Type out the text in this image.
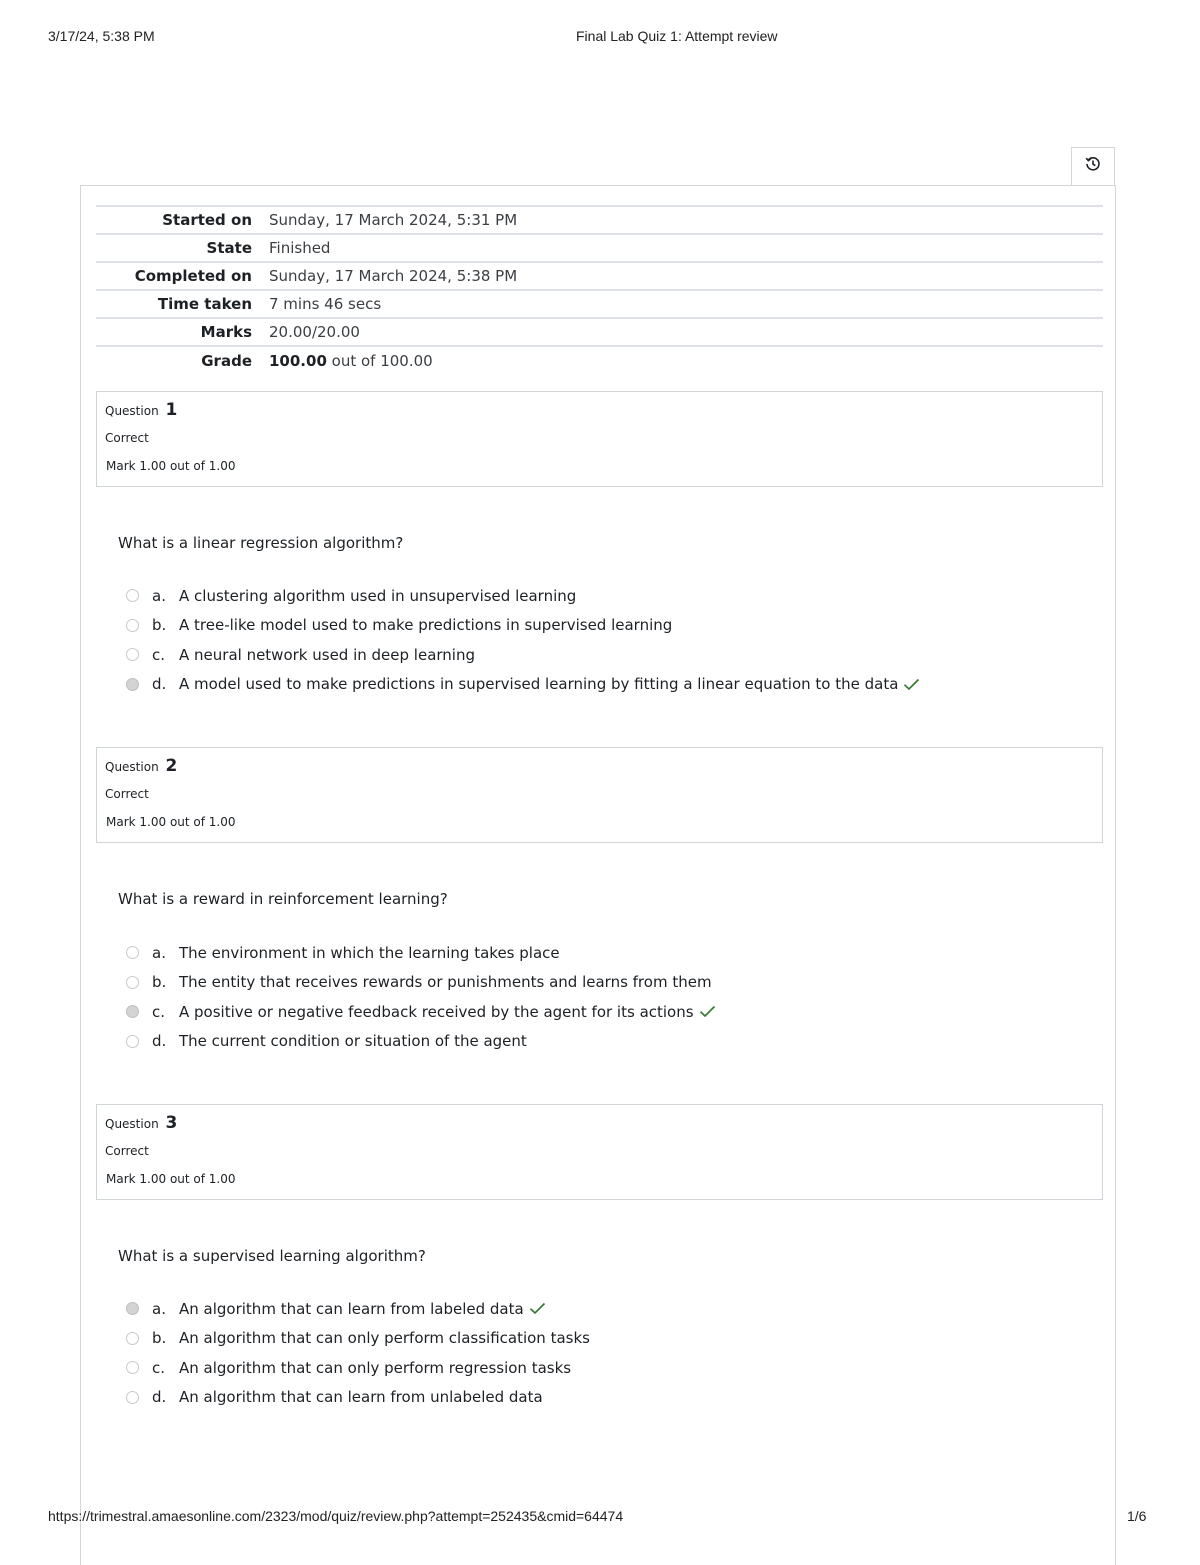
3/17/24, 5:38 PM	Final Lab Quiz 1: Attempt review
Started on	Sunday, 17 March 2024, 5:31 PM
State	Finished
Completed on	Sunday, 17 March 2024, 5:38 PM
Time taken	7 mins 46 secs
Marks	20.00/20.00
Grade	100.00 out of 100.00
Question 1
Correct
Mark 1.00 out of 1.00
What is a linear regression algorithm?
a. A clustering algorithm used in unsupervised learning
b. A tree-like model used to make predictions in supervised learning
c. A neural network used in deep learning
d. A model used to make predictions in supervised learning by fitting a linear equation to the data
Question 2
Correct
Mark 1.00 out of 1.00
What is a reward in reinforcement learning?
a. The environment in which the learning takes place
b. The entity that receives rewards or punishments and learns from them
c. A positive or negative feedback received by the agent for its actions
d. The current condition or situation of the agent
Question 3
Correct
Mark 1.00 out of 1.00
What is a supervised learning algorithm?
a. An algorithm that can learn from labeled data
b. An algorithm that can only perform classification tasks
c. An algorithm that can only perform regression tasks
d. An algorithm that can learn from unlabeled data
https://trimestral.amaesonline.com/2323/mod/quiz/review.php?attempt=252435&cmid=64474	1/6
